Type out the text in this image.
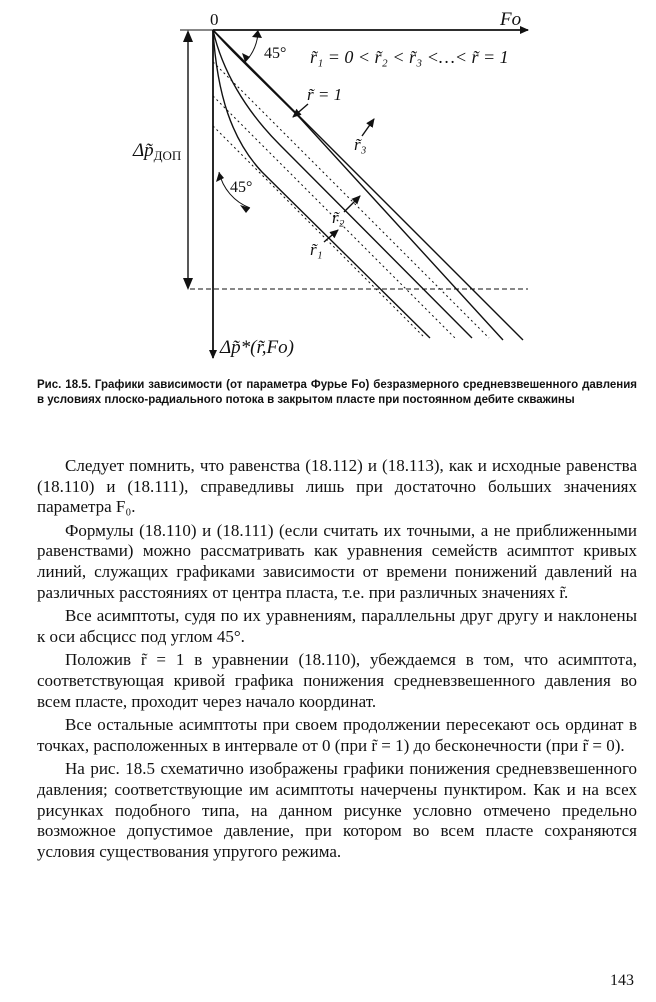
0	Fo
Δp̃*(r̃,Fo)
$\Delta p̃_{ДОП}$
45°
45°
r̃₁ = 0 < r̃₂ < r̃₃ <…< r̃ = 1
r̃ = 1
r̃₃
r̃₂
r̃₁
Рис. 18.5. Графики зависимости (от параметра Фурье Fo) безразмерного средневзвешенного давления в условиях плоско-радиального потока в закрытом пласте при постоянном дебите скважины

Следует помнить, что равенства (18.112) и (18.113), как и исходные равенства (18.110) и (18.111), справедливы лишь при достаточно больших значениях параметра F₀.

Формулы (18.110) и (18.111) (если считать их точными, а не приближенными равенствами) можно рассматривать как уравнения семейств асимптот кривых линий, служащих графиками зависимости от времени понижений давлений на различных расстояниях от центра пласта, т.е. при различных значениях r̃.

Все асимптоты, судя по их уравнениям, параллельны друг другу и наклонены к оси абсцисс под углом 45°.

Положив r̃ = 1 в уравнении (18.110), убеждаемся в том, что асимптота, соответствующая кривой графика понижения средневзвешенного давления во всем пласте, проходит через начало координат.

Все остальные асимптоты при своем продолжении пересекают ось ординат в точках, расположенных в интервале от 0 (при r̃ = 1) до бесконечности (при r̃ = 0).

На рис. 18.5 схематично изображены графики понижения средневзвешенного давления; соответствующие им асимптоты начерчены пунктиром. Как и на всех рисунках подобного типа, на данном рисунке условно отмечено предельно возможное допустимое давление, при котором во всем пласте сохраняются условия существования упругого режима.

143
